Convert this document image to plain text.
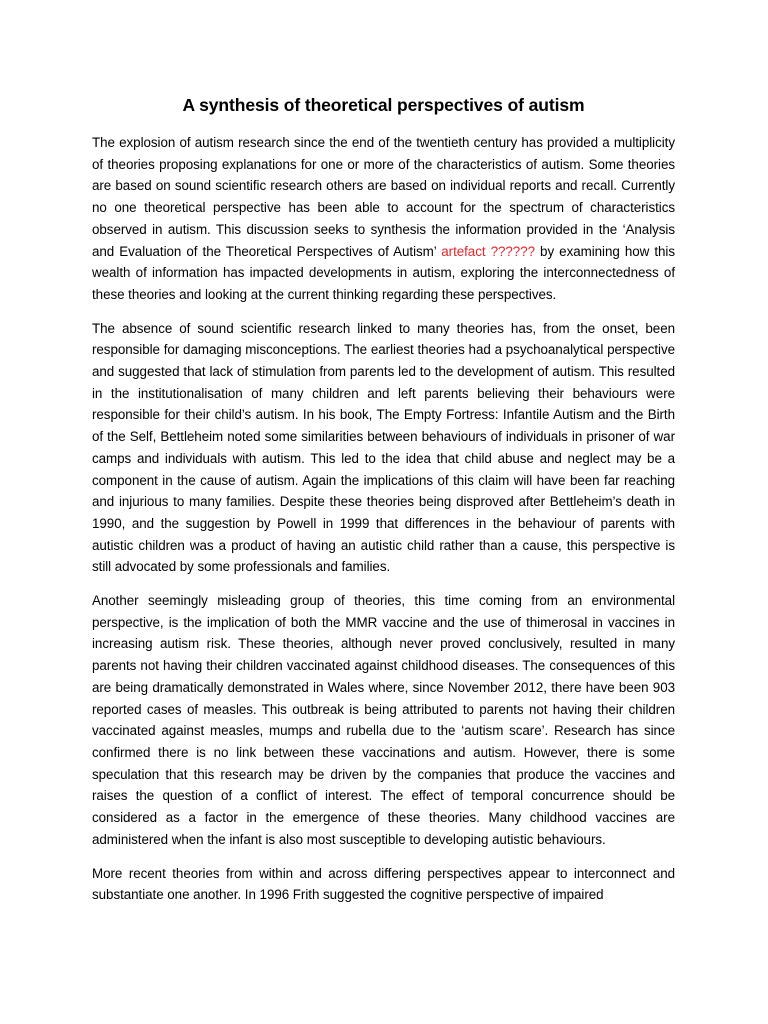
A synthesis of theoretical perspectives of autism

The explosion of autism research since the end of the twentieth century has provided a multiplicity of theories proposing explanations for one or more of the characteristics of autism. Some theories are based on sound scientific research others are based on individual reports and recall. Currently no one theoretical perspective has been able to account for the spectrum of characteristics observed in autism. This discussion seeks to synthesis the information provided in the ‘Analysis and Evaluation of the Theoretical Perspectives of Autism’ artefact ?????? by examining how this wealth of information has impacted developments in autism, exploring the interconnectedness of these theories and looking at the current thinking regarding these perspectives.

The absence of sound scientific research linked to many theories has, from the onset, been responsible for damaging misconceptions. The earliest theories had a psychoanalytical perspective and suggested that lack of stimulation from parents led to the development of autism. This resulted in the institutionalisation of many children and left parents believing their behaviours were responsible for their child’s autism. In his book, The Empty Fortress: Infantile Autism and the Birth of the Self, Bettleheim noted some similarities between behaviours of individuals in prisoner of war camps and individuals with autism. This led to the idea that child abuse and neglect may be a component in the cause of autism. Again the implications of this claim will have been far reaching and injurious to many families. Despite these theories being disproved after Bettleheim’s death in 1990, and the suggestion by Powell in 1999 that differences in the behaviour of parents with autistic children was a product of having an autistic child rather than a cause, this perspective is still advocated by some professionals and families.

Another seemingly misleading group of theories, this time coming from an environmental perspective, is the implication of both the MMR vaccine and the use of thimerosal in vaccines in increasing autism risk. These theories, although never proved conclusively, resulted in many parents not having their children vaccinated against childhood diseases. The consequences of this are being dramatically demonstrated in Wales where, since November 2012, there have been 903 reported cases of measles. This outbreak is being attributed to parents not having their children vaccinated against measles, mumps and rubella due to the ‘autism scare’. Research has since confirmed there is no link between these vaccinations and autism. However, there is some speculation that this research may be driven by the companies that produce the vaccines and raises the question of a conflict of interest. The effect of temporal concurrence should be considered as a factor in the emergence of these theories. Many childhood vaccines are administered when the infant is also most susceptible to developing autistic behaviours.

More recent theories from within and across differing perspectives appear to interconnect and substantiate one another. In 1996 Frith suggested the cognitive perspective of impaired
